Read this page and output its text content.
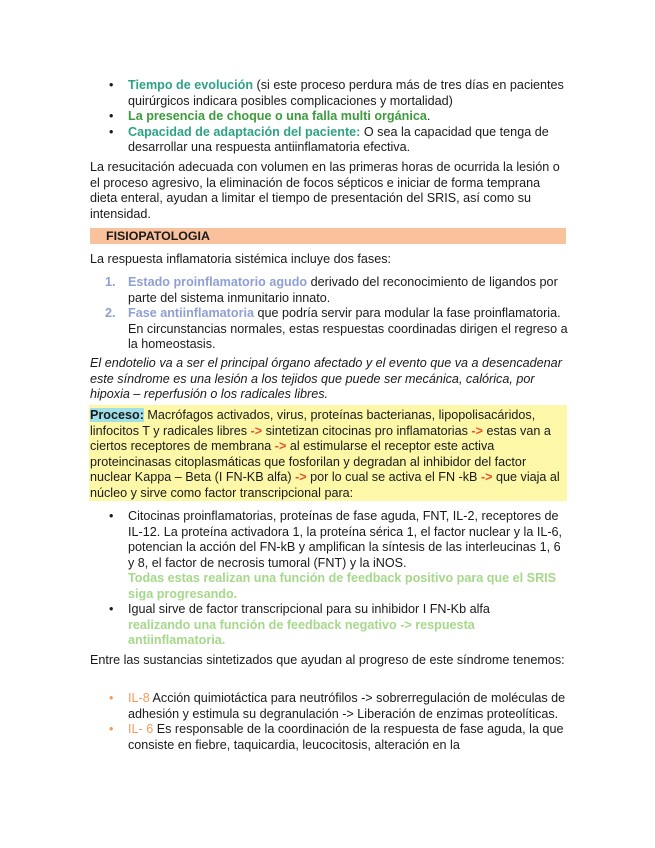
• Tiempo de evolución (si este proceso perdura más de tres días en pacientes quirúrgicos indicara posibles complicaciones y mortalidad)
• La presencia de choque o una falla multi orgánica.
• Capacidad de adaptación del paciente: O sea la capacidad que tenga de desarrollar una respuesta antiinflamatoria efectiva.

La resucitación adecuada con volumen en las primeras horas de ocurrida la lesión o el proceso agresivo, la eliminación de focos sépticos e iniciar de forma temprana dieta enteral, ayudan a limitar el tiempo de presentación del SRIS, así como su intensidad.

FISIOPATOLOGIA

La respuesta inflamatoria sistémica incluye dos fases:

1. Estado proinflamatorio agudo derivado del reconocimiento de ligandos por parte del sistema inmunitario innato.
2. Fase antiinflamatoria que podría servir para modular la fase proinflamatoria. En circunstancias normales, estas respuestas coordinadas dirigen el regreso a la homeostasis.

El endotelio va a ser el principal órgano afectado y el evento que va a desencadenar este síndrome es una lesión a los tejidos que puede ser mecánica, calórica, por hipoxia – reperfusión o los radicales libres.

Proceso: Macrófagos activados, virus, proteínas bacterianas, lipopolisacáridos, linfocitos T y radicales libres -> sintetizan citocinas pro inflamatorias -> estas van a ciertos receptores de membrana -> al estimularse el receptor este activa proteincinasas citoplasmáticas que fosforilan y degradan al inhibidor del factor nuclear Kappa – Beta (I FN-KB alfa) -> por lo cual se activa el FN -kB -> que viaja al núcleo y sirve como factor transcripcional para:

• Citocinas proinflamatorias, proteínas de fase aguda, FNT, IL-2, receptores de IL-12. La proteína activadora 1, la proteína sérica 1, el factor nuclear y la IL-6, potencian la acción del FN-kB y amplifican la síntesis de las interleucinas 1, 6 y 8, el factor de necrosis tumoral (FNT) y la iNOS.
Todas estas realizan una función de feedback positivo para que el SRIS siga progresando.
• Igual sirve de factor transcripcional para su inhibidor I FN-Kb alfa
realizando una función de feedback negativo -> respuesta antiinflamatoria.

Entre las sustancias sintetizados que ayudan al progreso de este síndrome tenemos:

• IL-8 Acción quimiotáctica para neutrófilos -> sobrerregulación de moléculas de adhesión y estimula su degranulación -> Liberación de enzimas proteolíticas.
• IL- 6 Es responsable de la coordinación de la respuesta de fase aguda, la que consiste en fiebre, taquicardia, leucocitosis, alteración en la
